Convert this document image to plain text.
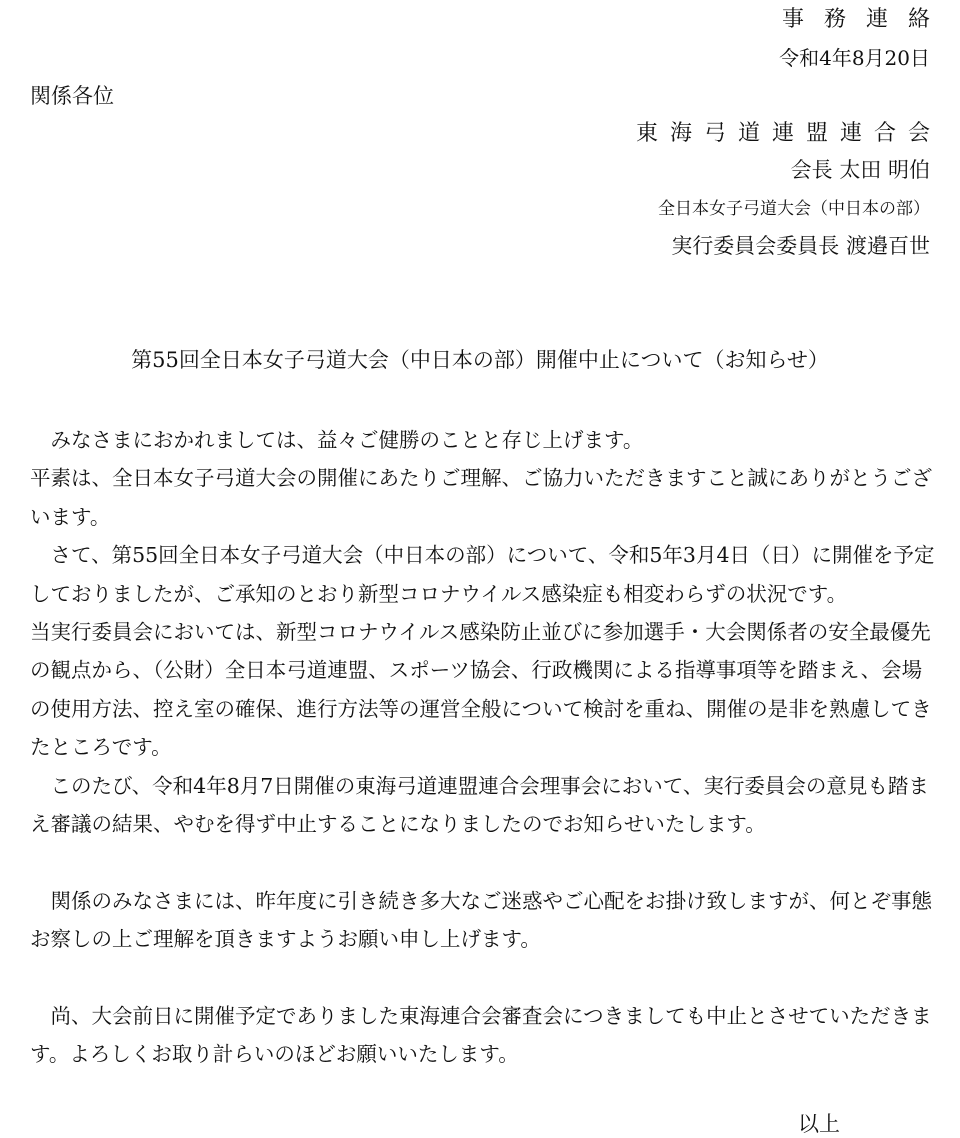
事務連絡
令和4年8月20日
関係各位
東海弓道連盟連合会
会長 太田 明伯
全日本女子弓道大会（中日本の部）
実行委員会委員長 渡邉百世
第55回全日本女子弓道大会（中日本の部）開催中止について（お知らせ）

みなさまにおかれましては、益々ご健勝のことと存じ上げます。

平素は、全日本女子弓道大会の開催にあたりご理解、ご協力いただきますこと誠にありがとうございます。

さて、第55回全日本女子弓道大会（中日本の部）について、令和5年3月4日（日）に開催を予定しておりましたが、ご承知のとおり新型コロナウイルス感染症も相変わらずの状況です。

当実行委員会においては、新型コロナウイルス感染防止並びに参加選手・大会関係者の安全最優先の観点から、（公財）全日本弓道連盟、スポーツ協会、行政機関による指導事項等を踏まえ、会場の使用方法、控え室の確保、進行方法等の運営全般について検討を重ね、開催の是非を熟慮してきたところです。

このたび、令和4年8月7日開催の東海弓道連盟連合会理事会において、実行委員会の意見も踏まえ審議の結果、やむを得ず中止することになりましたのでお知らせいたします。

関係のみなさまには、昨年度に引き続き多大なご迷惑やご心配をお掛け致しますが、何とぞ事態お察しの上ご理解を頂きますようお願い申し上げます。

尚、大会前日に開催予定でありました東海連合会審査会につきましても中止とさせていただきます。よろしくお取り計らいのほどお願いいたします。

以上
